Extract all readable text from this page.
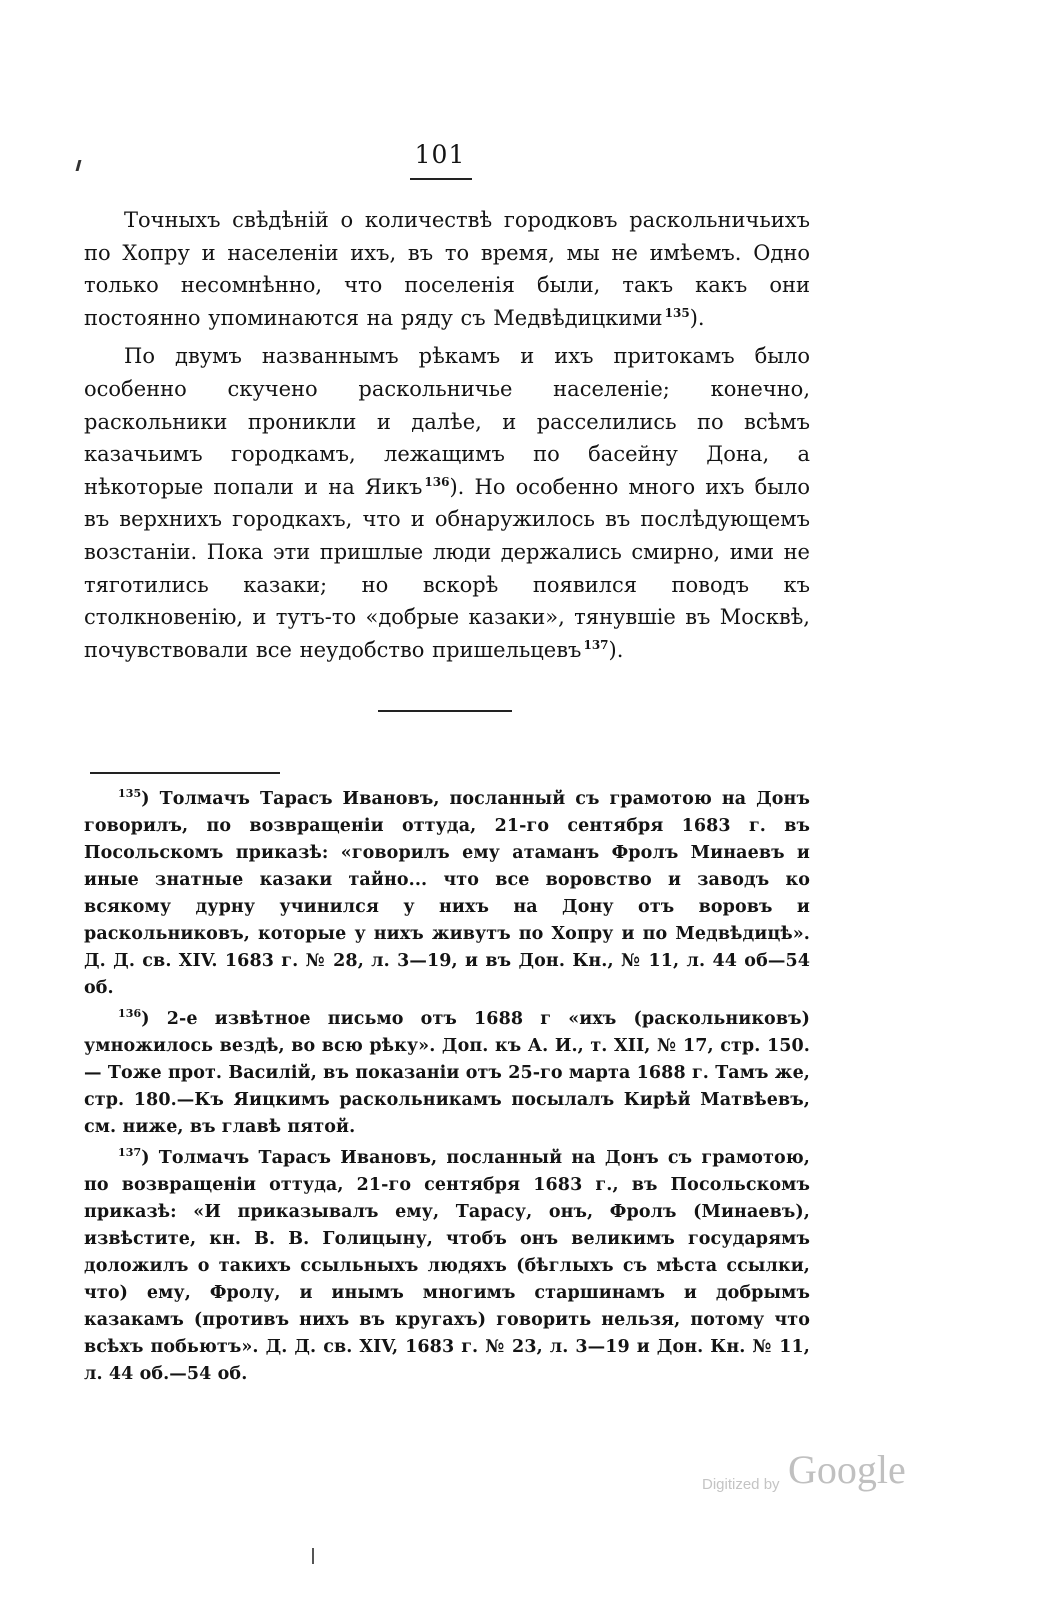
101

Точныхъ свѣдѣній о количествѣ городковъ раскольничьихъ по Хопру и населеніи ихъ, въ то время, мы не имѣемъ. Одно только несомнѣнно, что поселенія были, такъ какъ они постоянно упоминаются на ряду съ Медвѣдицкими  $^{135}$).

По двумъ названнымъ рѣкамъ и ихъ притокамъ было особенно скучено раскольничье населеніе; конечно, раскольники проникли и далѣе, и расселились по всѣмъ казачьимъ городкамъ, лежащимъ по басейну Дона, а нѣкоторые попали и на Яикъ  $^{136}$). Но особенно много ихъ было въ верхнихъ городкахъ, что и обнаружилось въ послѣдующемъ возстаніи. Пока эти пришлые люди держались смирно, ими не тяготились казаки; но вскорѣ появился поводъ къ столкновенію, и тутъ-то «добрые казаки», тянувшіе въ Москвѣ, почувствовали все неудобство пришельцевъ  $^{137}$).

$^{135}$) Толмачъ Тарасъ Ивановъ, посланный съ грамотою на Донъ говорилъ, по возвращеніи оттуда, 21-го сентября 1683 г. въ Посольскомъ приказѣ: «говорилъ ему атаманъ Фролъ Минаевъ и иные знатные казаки тайно... что все воровство и заводъ ко всякому дурну учинился у нихъ на Дону отъ воровъ и раскольниковъ, которые у нихъ живутъ по Хопру и по Медвѣдицѣ». Д. Д. св. XIV. 1683 г. № 28, л. 3—19, и въ Дон. Кн., № 11, л. 44 об—54 об.

$^{136}$) 2-е извѣтное письмо отъ 1688 г «ихъ (раскольниковъ) умножилось вездѣ, во всю рѣку». Доп. къ А. И., т. XII, № 17, стр. 150.— Тоже прот. Василій, въ показаніи отъ 25-го марта 1688 г. Тамъ же, стр. 180.—Къ Яицкимъ раскольникамъ посылалъ Кирѣй Матвѣевъ, см. ниже, въ главѣ пятой.

$^{137}$) Толмачъ Тарасъ Ивановъ, посланный на Донъ съ грамотою, по возвращеніи оттуда, 21-го сентября 1683 г., въ Посольскомъ приказѣ: «И приказывалъ ему, Тарасу, онъ, Фролъ (Минаевъ), извѣстите, кн. В. В. Голицыну, чтобъ онъ великимъ государямъ доложилъ о такихъ ссыльныхъ людяхъ (бѣглыхъ съ мѣста ссылки, что) ему, Фролу, и инымъ многимъ старшинамъ и добрымъ казакамъ (противъ нихъ въ кругахъ) говорить нельзя, потому что всѣхъ побьютъ». Д. Д. св. XIV, 1683 г. № 23, л. 3—19 и Дон. Кн. № 11, л. 44 об.—54 об.

Digitized by Google
